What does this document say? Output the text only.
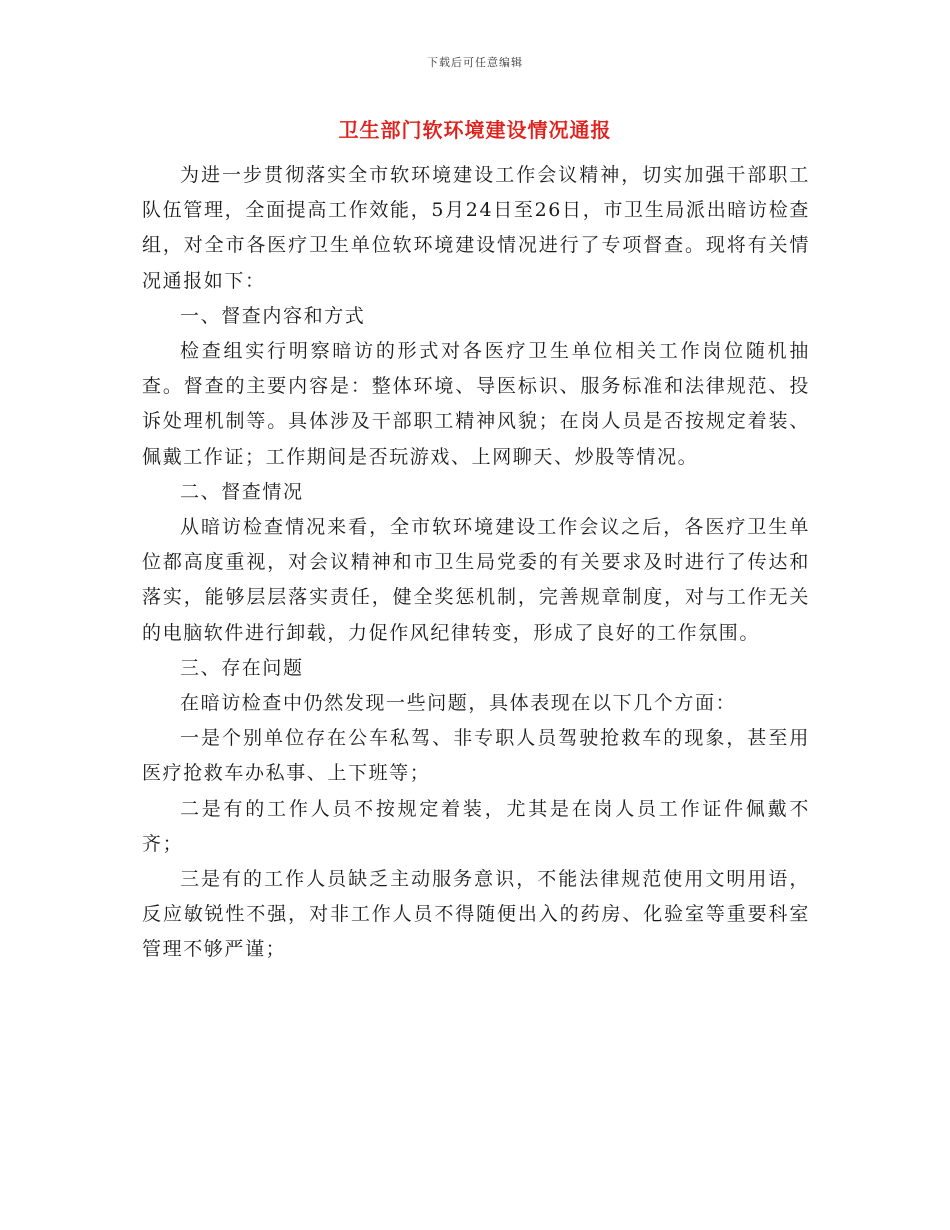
下载后可任意编辑
卫生部门软环境建设情况通报

为进一步贯彻落实全市软环境建设工作会议精神，切实加强干部职工队伍管理，全面提高工作效能，5月24日至26日，市卫生局派出暗访检查组，对全市各医疗卫生单位软环境建设情况进行了专项督查。现将有关情况通报如下：

一、督查内容和方式

检查组实行明察暗访的形式对各医疗卫生单位相关工作岗位随机抽查。督查的主要内容是：整体环境、导医标识、服务标准和法律规范、投诉处理机制等。具体涉及干部职工精神风貌；在岗人员是否按规定着装、佩戴工作证；工作期间是否玩游戏、上网聊天、炒股等情况。

二、督查情况

从暗访检查情况来看，全市软环境建设工作会议之后，各医疗卫生单位都高度重视，对会议精神和市卫生局党委的有关要求及时进行了传达和落实，能够层层落实责任，健全奖惩机制，完善规章制度，对与工作无关的电脑软件进行卸载，力促作风纪律转变，形成了良好的工作氛围。

三、存在问题

在暗访检查中仍然发现一些问题，具体表现在以下几个方面：

一是个别单位存在公车私驾、非专职人员驾驶抢救车的现象，甚至用医疗抢救车办私事、上下班等；

二是有的工作人员不按规定着装，尤其是在岗人员工作证件佩戴不齐；

三是有的工作人员缺乏主动服务意识，不能法律规范使用文明用语，反应敏锐性不强，对非工作人员不得随便出入的药房、化验室等重要科室管理不够严谨；
